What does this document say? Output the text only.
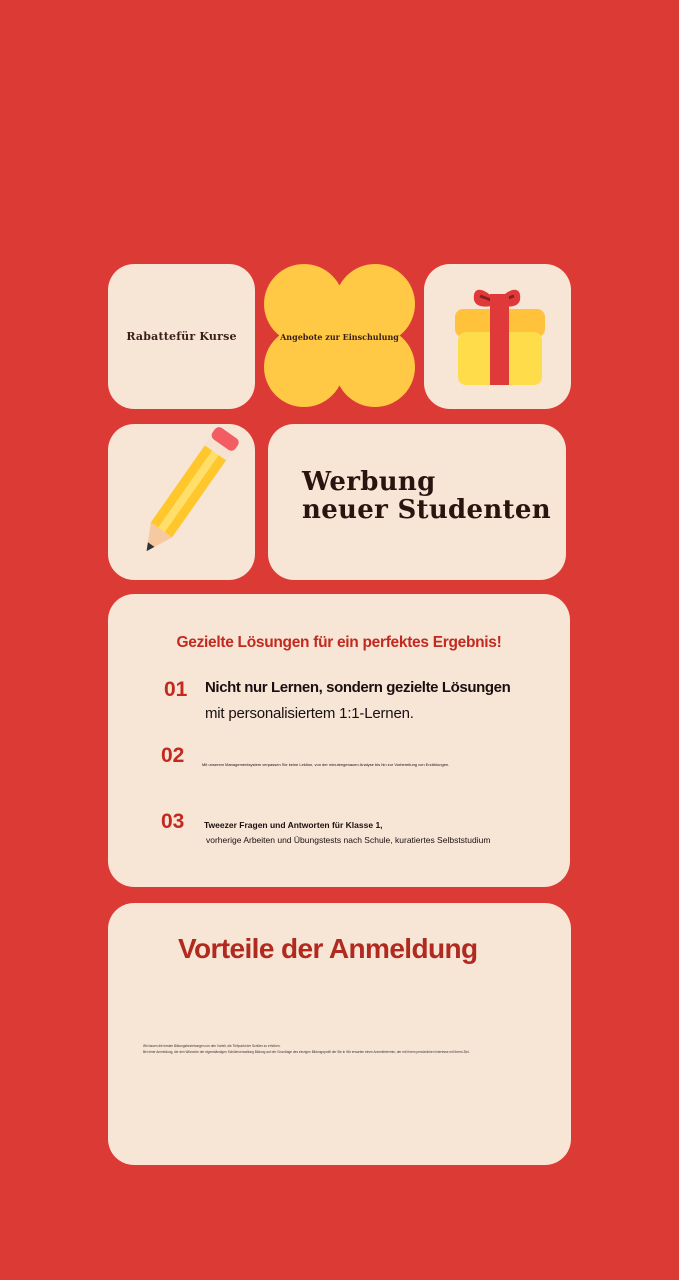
Rabattefür Kurse	Angebote zur Einschulung
Werbung
neuer Studenten
Gezielte Lösungen für ein perfektes Ergebnis!
01 Nicht nur Lernen, sondern gezielte Lösungen
mit personalisiertem 1:1-Lernen.
02	Mit unserem Managementsystem verpassen Sie keine Lektion, von der minutengenauen Analyse bis hin zur Vorbereitung von Erzählungen.
03 Tweezer Fragen und Antworten für Klasse 1,
vorherige Arbeiten und Übungstests nach Schule, kuratiertes Selbststudium
Vorteile der Anmeldung
Wir bauen die besten Bildungsbeziehungen um den Vorteil, die Tiefpunkt der Schüler zu erhöhen.
Bei einer Anmeldung, die den Wünsche der eigenständigen Schülerverwaltung Bildung auf der Grundlage des einzigen Bildungsprofil der Sie in Wir erwarten einen Anmeldetermin, der mit Ihrem persönlichen Interesse mit Ihrem Ziel.
